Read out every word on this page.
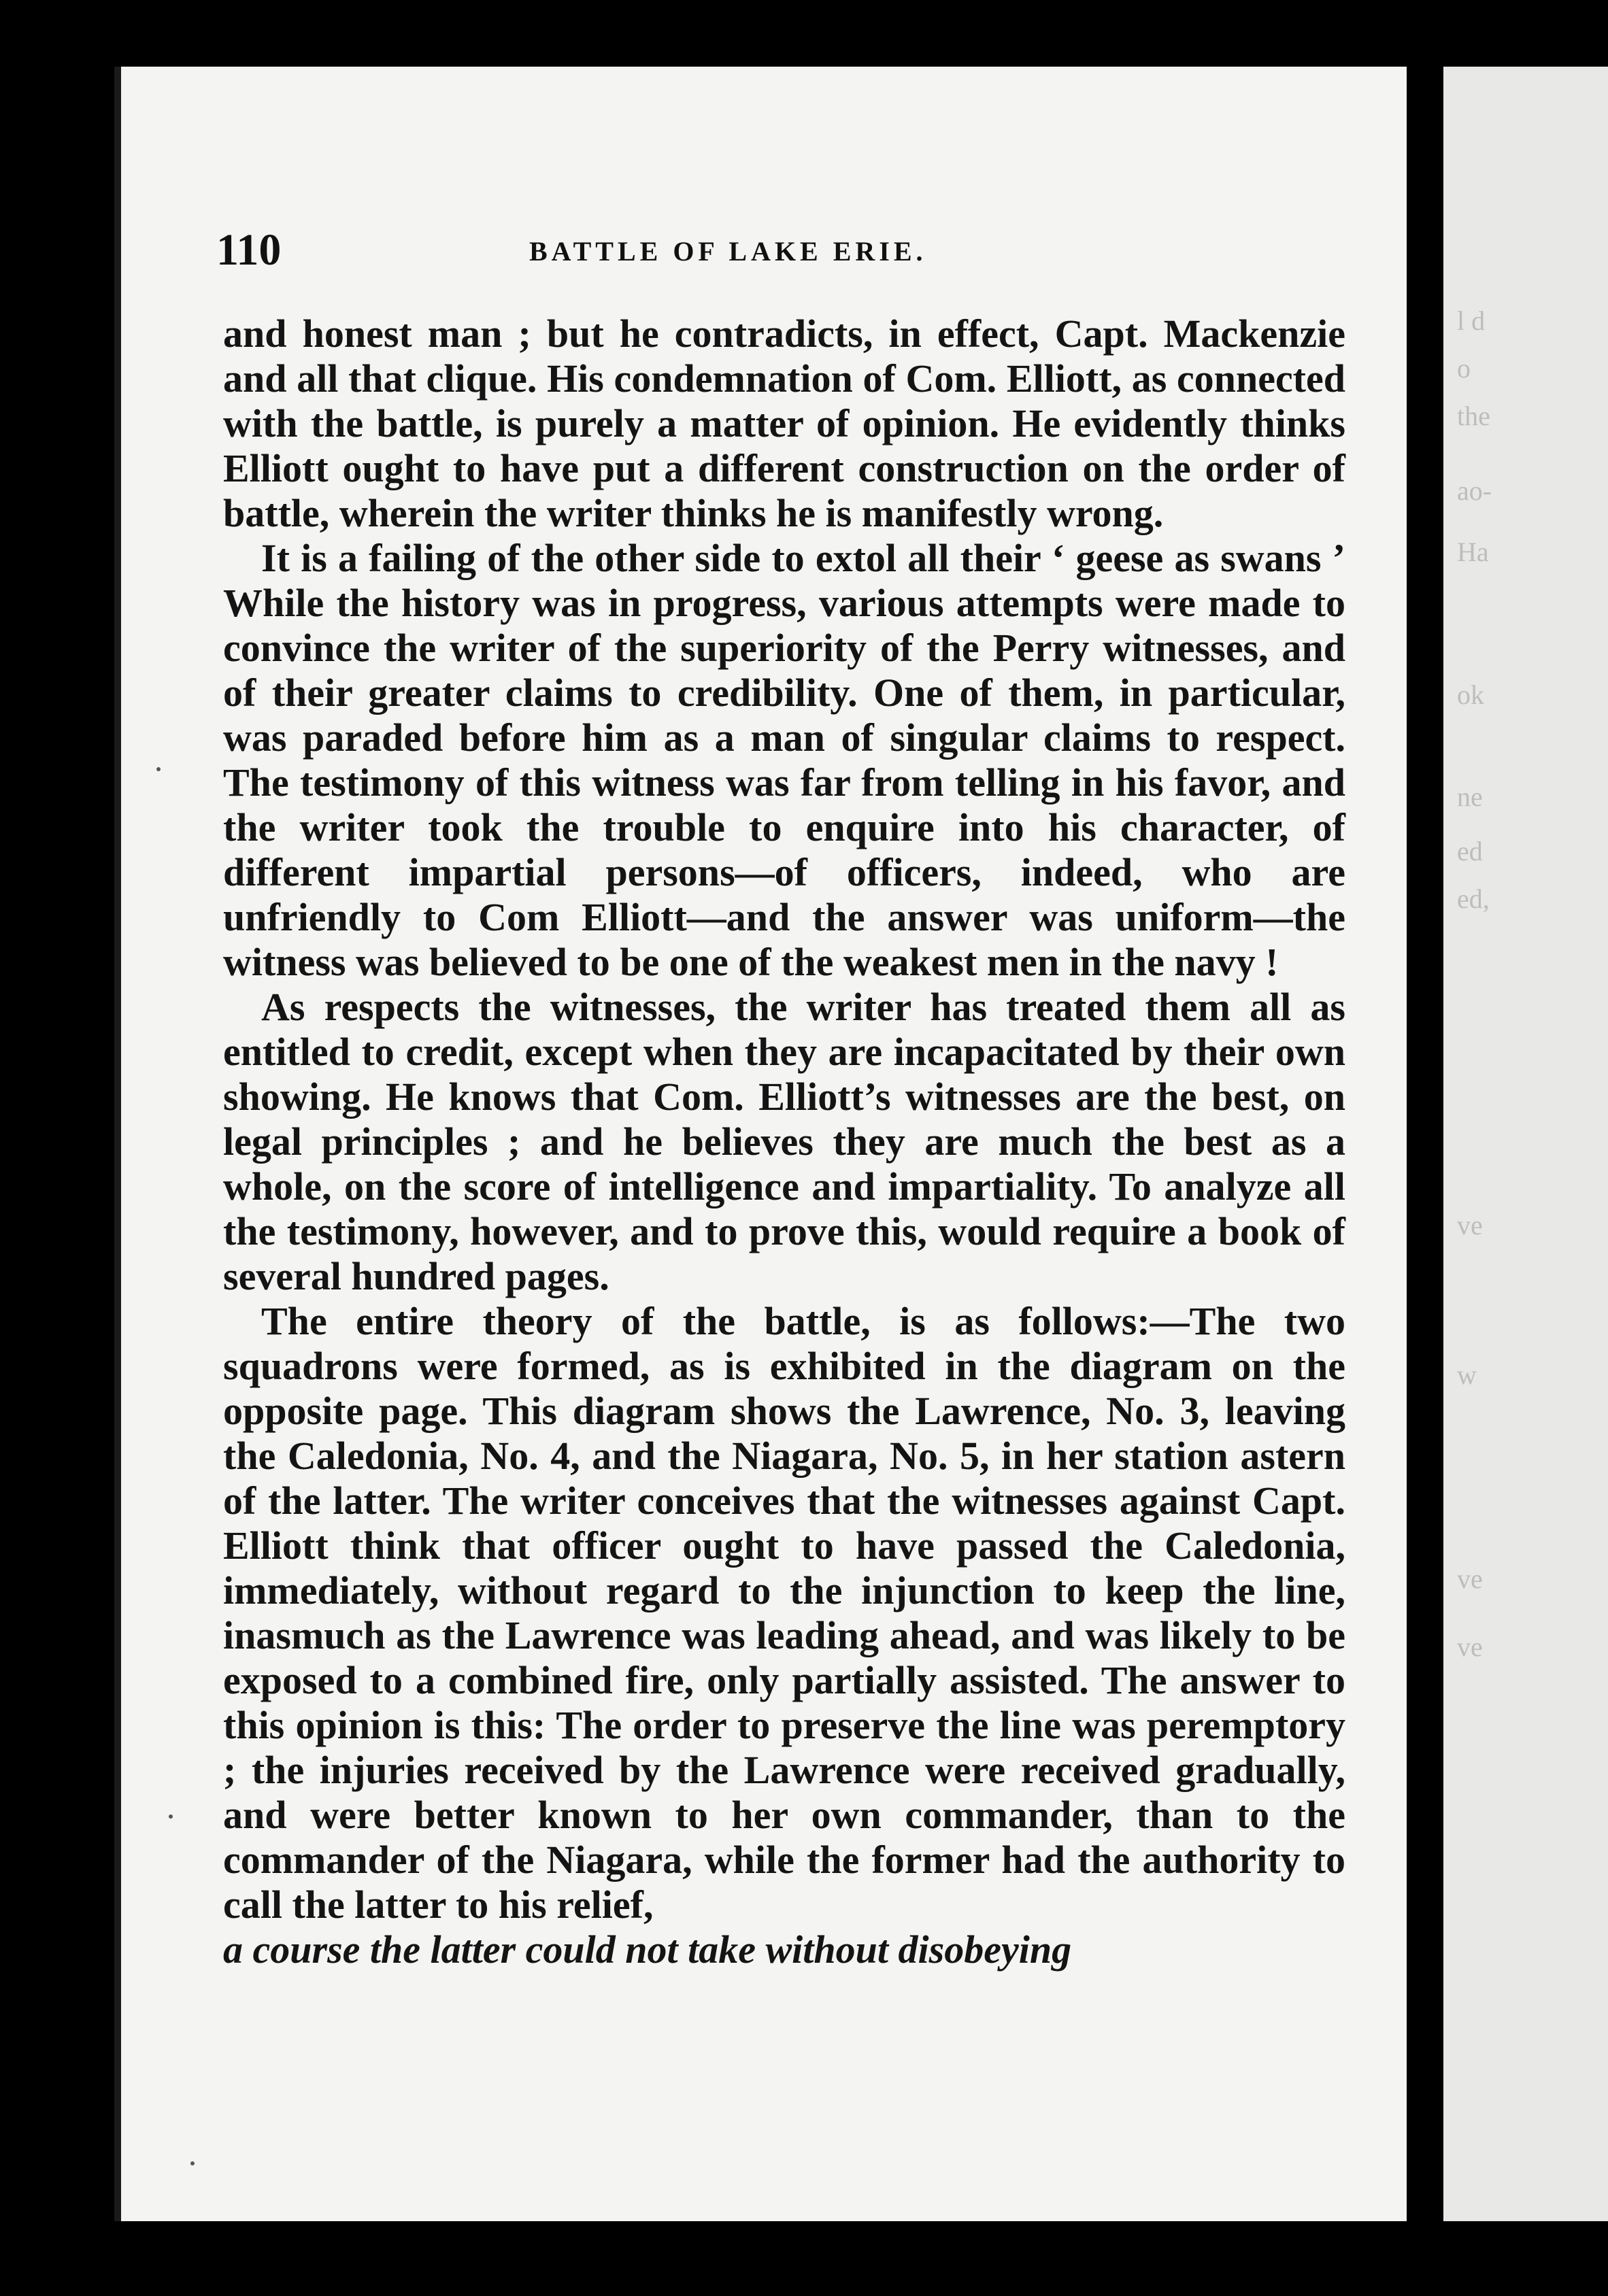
110	BATTLE OF LAKE ERIE.

and honest man ; but he contradicts, in effect, Capt. Mackenzie and all that clique. His condemnation of Com. Elliott, as connected with the battle, is purely a matter of opinion. He evidently thinks Elliott ought to have put a different construction on the order of battle, wherein the writer thinks he is manifestly wrong.

It is a failing of the other side to extol all their ‘ geese as swans ’ While the history was in progress, various attempts were made to convince the writer of the superiority of the Perry witnesses, and of their greater claims to credibility. One of them, in particular, was paraded before him as a man of singular claims to respect. The testimony of this witness was far from telling in his favor, and the writer took the trouble to enquire into his character, of different impartial persons—of officers, indeed, who are unfriendly to Com Elliott—and the answer was uniform—the witness was believed to be one of the weakest men in the navy !

As respects the witnesses, the writer has treated them all as entitled to credit, except when they are incapacitated by their own showing. He knows that Com. Elliott’s witnesses are the best, on legal principles ; and he believes they are much the best as a whole, on the score of intelligence and impartiality. To analyze all the testimony, however, and to prove this, would require a book of several hundred pages.

The entire theory of the battle, is as follows:—The two squadrons were formed, as is exhibited in the diagram on the opposite page. This diagram shows the Lawrence, No. 3, leaving the Caledonia, No. 4, and the Niagara, No. 5, in her station astern of the latter. The writer conceives that the witnesses against Capt. Elliott think that officer ought to have passed the Caledonia, immediately, without regard to the injunction to keep the line, inasmuch as the Lawrence was leading ahead, and was likely to be exposed to a combined fire, only partially assisted. The answer to this opinion is this: The order to preserve the line was peremptory ; the injuries received by the Lawrence were received gradually, and were better known to her own commander, than to the commander of the Niagara, while the former had the authority to call the latter to his relief,

a course the latter could not take without disobeying

l d
o
the
ao-
Ha
ok
ne
ed
ed,
ve
w
ve
ve
